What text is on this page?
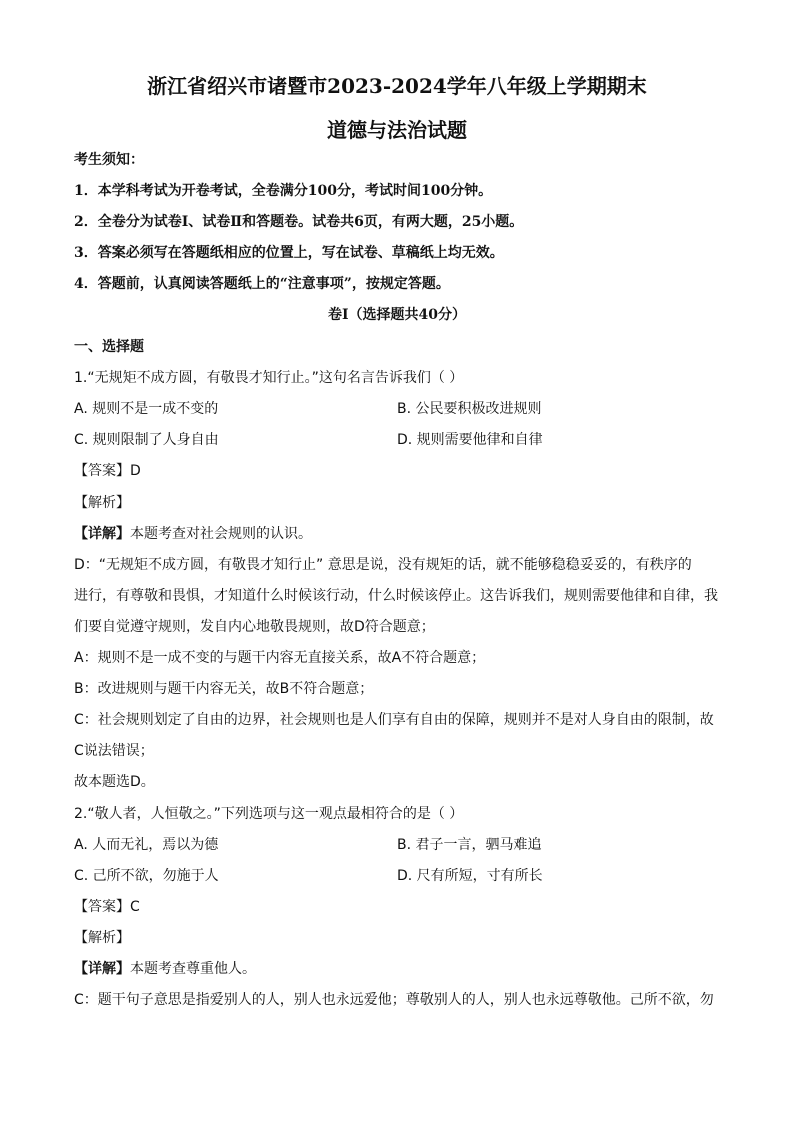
浙江省绍兴市诸暨市2023-2024学年八年级上学期期末
道德与法治试题
考生须知：
1．本学科考试为开卷考试，全卷满分100分，考试时间100分钟。
2．全卷分为试卷Ⅰ、试卷Ⅱ和答题卷。试卷共6页，有两大题，25小题。
3．答案必须写在答题纸相应的位置上，写在试卷、草稿纸上均无效。
4．答题前，认真阅读答题纸上的“注意事项”，按规定答题。
卷Ⅰ（选择题共40分）
一、选择题
1.“无规矩不成方圆，有敬畏才知行止。”这句名言告诉我们（ ）
A. 规则不是一成不变的	B. 公民要积极改进规则
C. 规则限制了人身自由	D. 规则需要他律和自律
【答案】D
【解析】
【详解】本题考查对社会规则的认识。
D：“无规矩不成方圆，有敬畏才知行止” 意思是说，没有规矩的话，就不能够稳稳妥妥的，有秩序的
进行，有尊敬和畏惧，才知道什么时候该行动，什么时候该停止。这告诉我们，规则需要他律和自律，我
们要自觉遵守规则，发自内心地敬畏规则，故D符合题意；
A：规则不是一成不变的与题干内容无直接关系，故A不符合题意；
B：改进规则与题干内容无关，故B不符合题意；
C：社会规则划定了自由的边界，社会规则也是人们享有自由的保障，规则并不是对人身自由的限制，故
C说法错误；
故本题选D。
2.“敬人者，人恒敬之。”下列选项与这一观点最相符合的是（ ）
A. 人而无礼，焉以为德	B. 君子一言，驷马难追
C. 己所不欲，勿施于人	D. 尺有所短，寸有所长
【答案】C
【解析】
【详解】本题考查尊重他人。
C：题干句子意思是指爱别人的人，别人也永远爱他；尊敬别人的人，别人也永远尊敬他。己所不欲，勿
